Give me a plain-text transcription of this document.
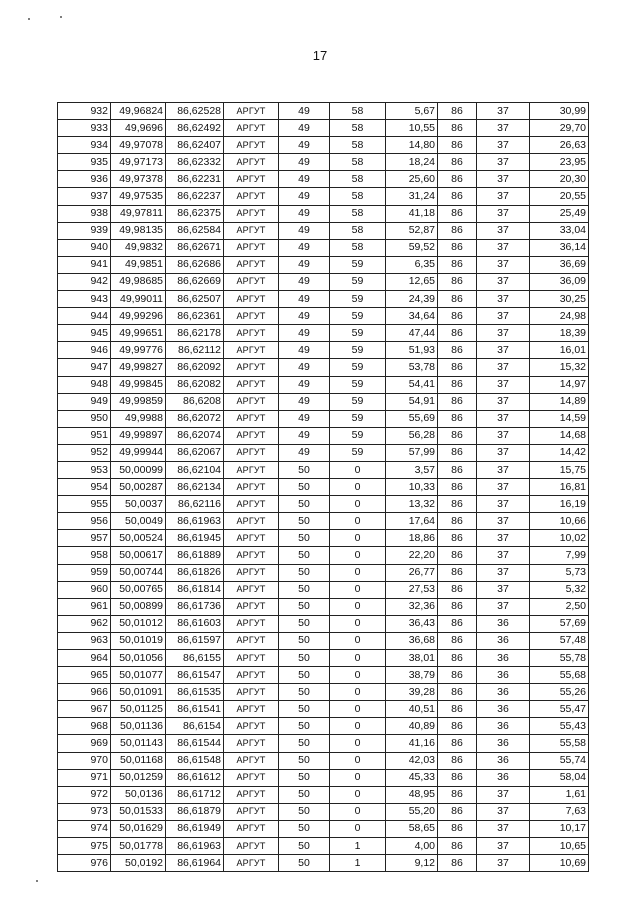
17
932	49,96824	86,62528	АРГУТ	49	58	5,67	86	37	30,99
933	49,9696	86,62492	АРГУТ	49	58	10,55	86	37	29,70
934	49,97078	86,62407	АРГУТ	49	58	14,80	86	37	26,63
935	49,97173	86,62332	АРГУТ	49	58	18,24	86	37	23,95
936	49,97378	86,62231	АРГУТ	49	58	25,60	86	37	20,30
937	49,97535	86,62237	АРГУТ	49	58	31,24	86	37	20,55
938	49,97811	86,62375	АРГУТ	49	58	41,18	86	37	25,49
939	49,98135	86,62584	АРГУТ	49	58	52,87	86	37	33,04
940	49,9832	86,62671	АРГУТ	49	58	59,52	86	37	36,14
941	49,9851	86,62686	АРГУТ	49	59	6,35	86	37	36,69
942	49,98685	86,62669	АРГУТ	49	59	12,65	86	37	36,09
943	49,99011	86,62507	АРГУТ	49	59	24,39	86	37	30,25
944	49,99296	86,62361	АРГУТ	49	59	34,64	86	37	24,98
945	49,99651	86,62178	АРГУТ	49	59	47,44	86	37	18,39
946	49,99776	86,62112	АРГУТ	49	59	51,93	86	37	16,01
947	49,99827	86,62092	АРГУТ	49	59	53,78	86	37	15,32
948	49,99845	86,62082	АРГУТ	49	59	54,41	86	37	14,97
949	49,99859	86,6208	АРГУТ	49	59	54,91	86	37	14,89
950	49,9988	86,62072	АРГУТ	49	59	55,69	86	37	14,59
951	49,99897	86,62074	АРГУТ	49	59	56,28	86	37	14,68
952	49,99944	86,62067	АРГУТ	49	59	57,99	86	37	14,42
953	50,00099	86,62104	АРГУТ	50	0	3,57	86	37	15,75
954	50,00287	86,62134	АРГУТ	50	0	10,33	86	37	16,81
955	50,0037	86,62116	АРГУТ	50	0	13,32	86	37	16,19
956	50,0049	86,61963	АРГУТ	50	0	17,64	86	37	10,66
957	50,00524	86,61945	АРГУТ	50	0	18,86	86	37	10,02
958	50,00617	86,61889	АРГУТ	50	0	22,20	86	37	7,99
959	50,00744	86,61826	АРГУТ	50	0	26,77	86	37	5,73
960	50,00765	86,61814	АРГУТ	50	0	27,53	86	37	5,32
961	50,00899	86,61736	АРГУТ	50	0	32,36	86	37	2,50
962	50,01012	86,61603	АРГУТ	50	0	36,43	86	36	57,69
963	50,01019	86,61597	АРГУТ	50	0	36,68	86	36	57,48
964	50,01056	86,6155	АРГУТ	50	0	38,01	86	36	55,78
965	50,01077	86,61547	АРГУТ	50	0	38,79	86	36	55,68
966	50,01091	86,61535	АРГУТ	50	0	39,28	86	36	55,26
967	50,01125	86,61541	АРГУТ	50	0	40,51	86	36	55,47
968	50,01136	86,6154	АРГУТ	50	0	40,89	86	36	55,43
969	50,01143	86,61544	АРГУТ	50	0	41,16	86	36	55,58
970	50,01168	86,61548	АРГУТ	50	0	42,03	86	36	55,74
971	50,01259	86,61612	АРГУТ	50	0	45,33	86	36	58,04
972	50,0136	86,61712	АРГУТ	50	0	48,95	86	37	1,61
973	50,01533	86,61879	АРГУТ	50	0	55,20	86	37	7,63
974	50,01629	86,61949	АРГУТ	50	0	58,65	86	37	10,17
975	50,01778	86,61963	АРГУТ	50	1	4,00	86	37	10,65
976	50,0192	86,61964	АРГУТ	50	1	9,12	86	37	10,69
